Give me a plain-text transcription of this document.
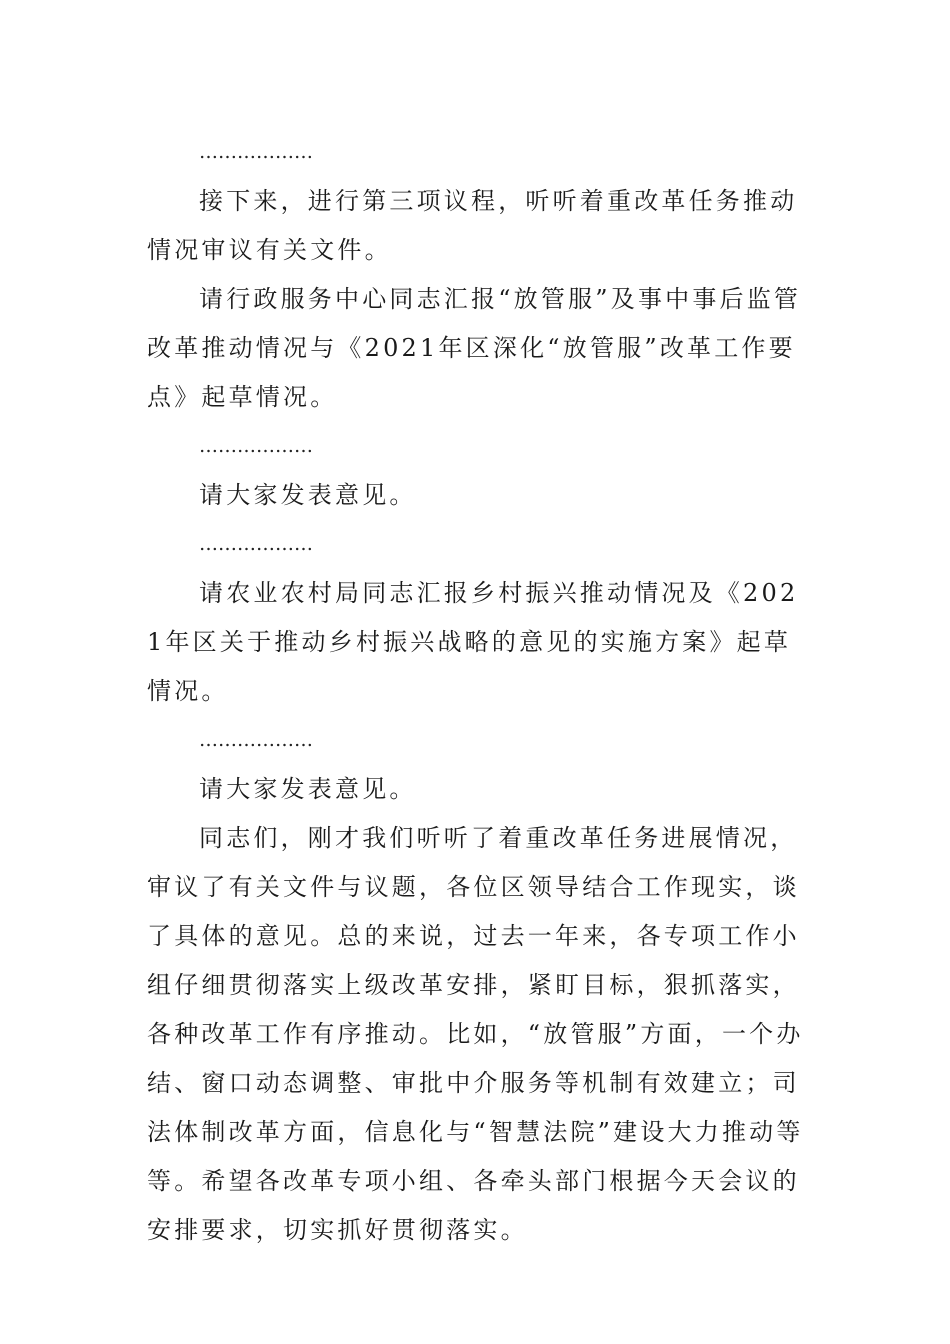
………………

接下来，进行第三项议程，听听着重改革任务推动情况审议有关文件。

请行政服务中心同志汇报“放管服”及事中事后监管改革推动情况与《2021年区深化“放管服”改革工作要点》起草情况。

………………

请大家发表意见。

………………

请农业农村局同志汇报乡村振兴推动情况及《2021年区关于推动乡村振兴战略的意见的实施方案》起草情况。

………………

请大家发表意见。

同志们，刚才我们听听了着重改革任务进展情况，审议了有关文件与议题，各位区领导结合工作现实，谈了具体的意见。总的来说，过去一年来，各专项工作小组仔细贯彻落实上级改革安排，紧盯目标，狠抓落实，各种改革工作有序推动。比如，“放管服”方面，一个办结、窗口动态调整、审批中介服务等机制有效建立；司法体制改革方面，信息化与“智慧法院”建设大力推动等等。希望各改革专项小组、各牵头部门根据今天会议的安排要求，切实抓好贯彻落实。
